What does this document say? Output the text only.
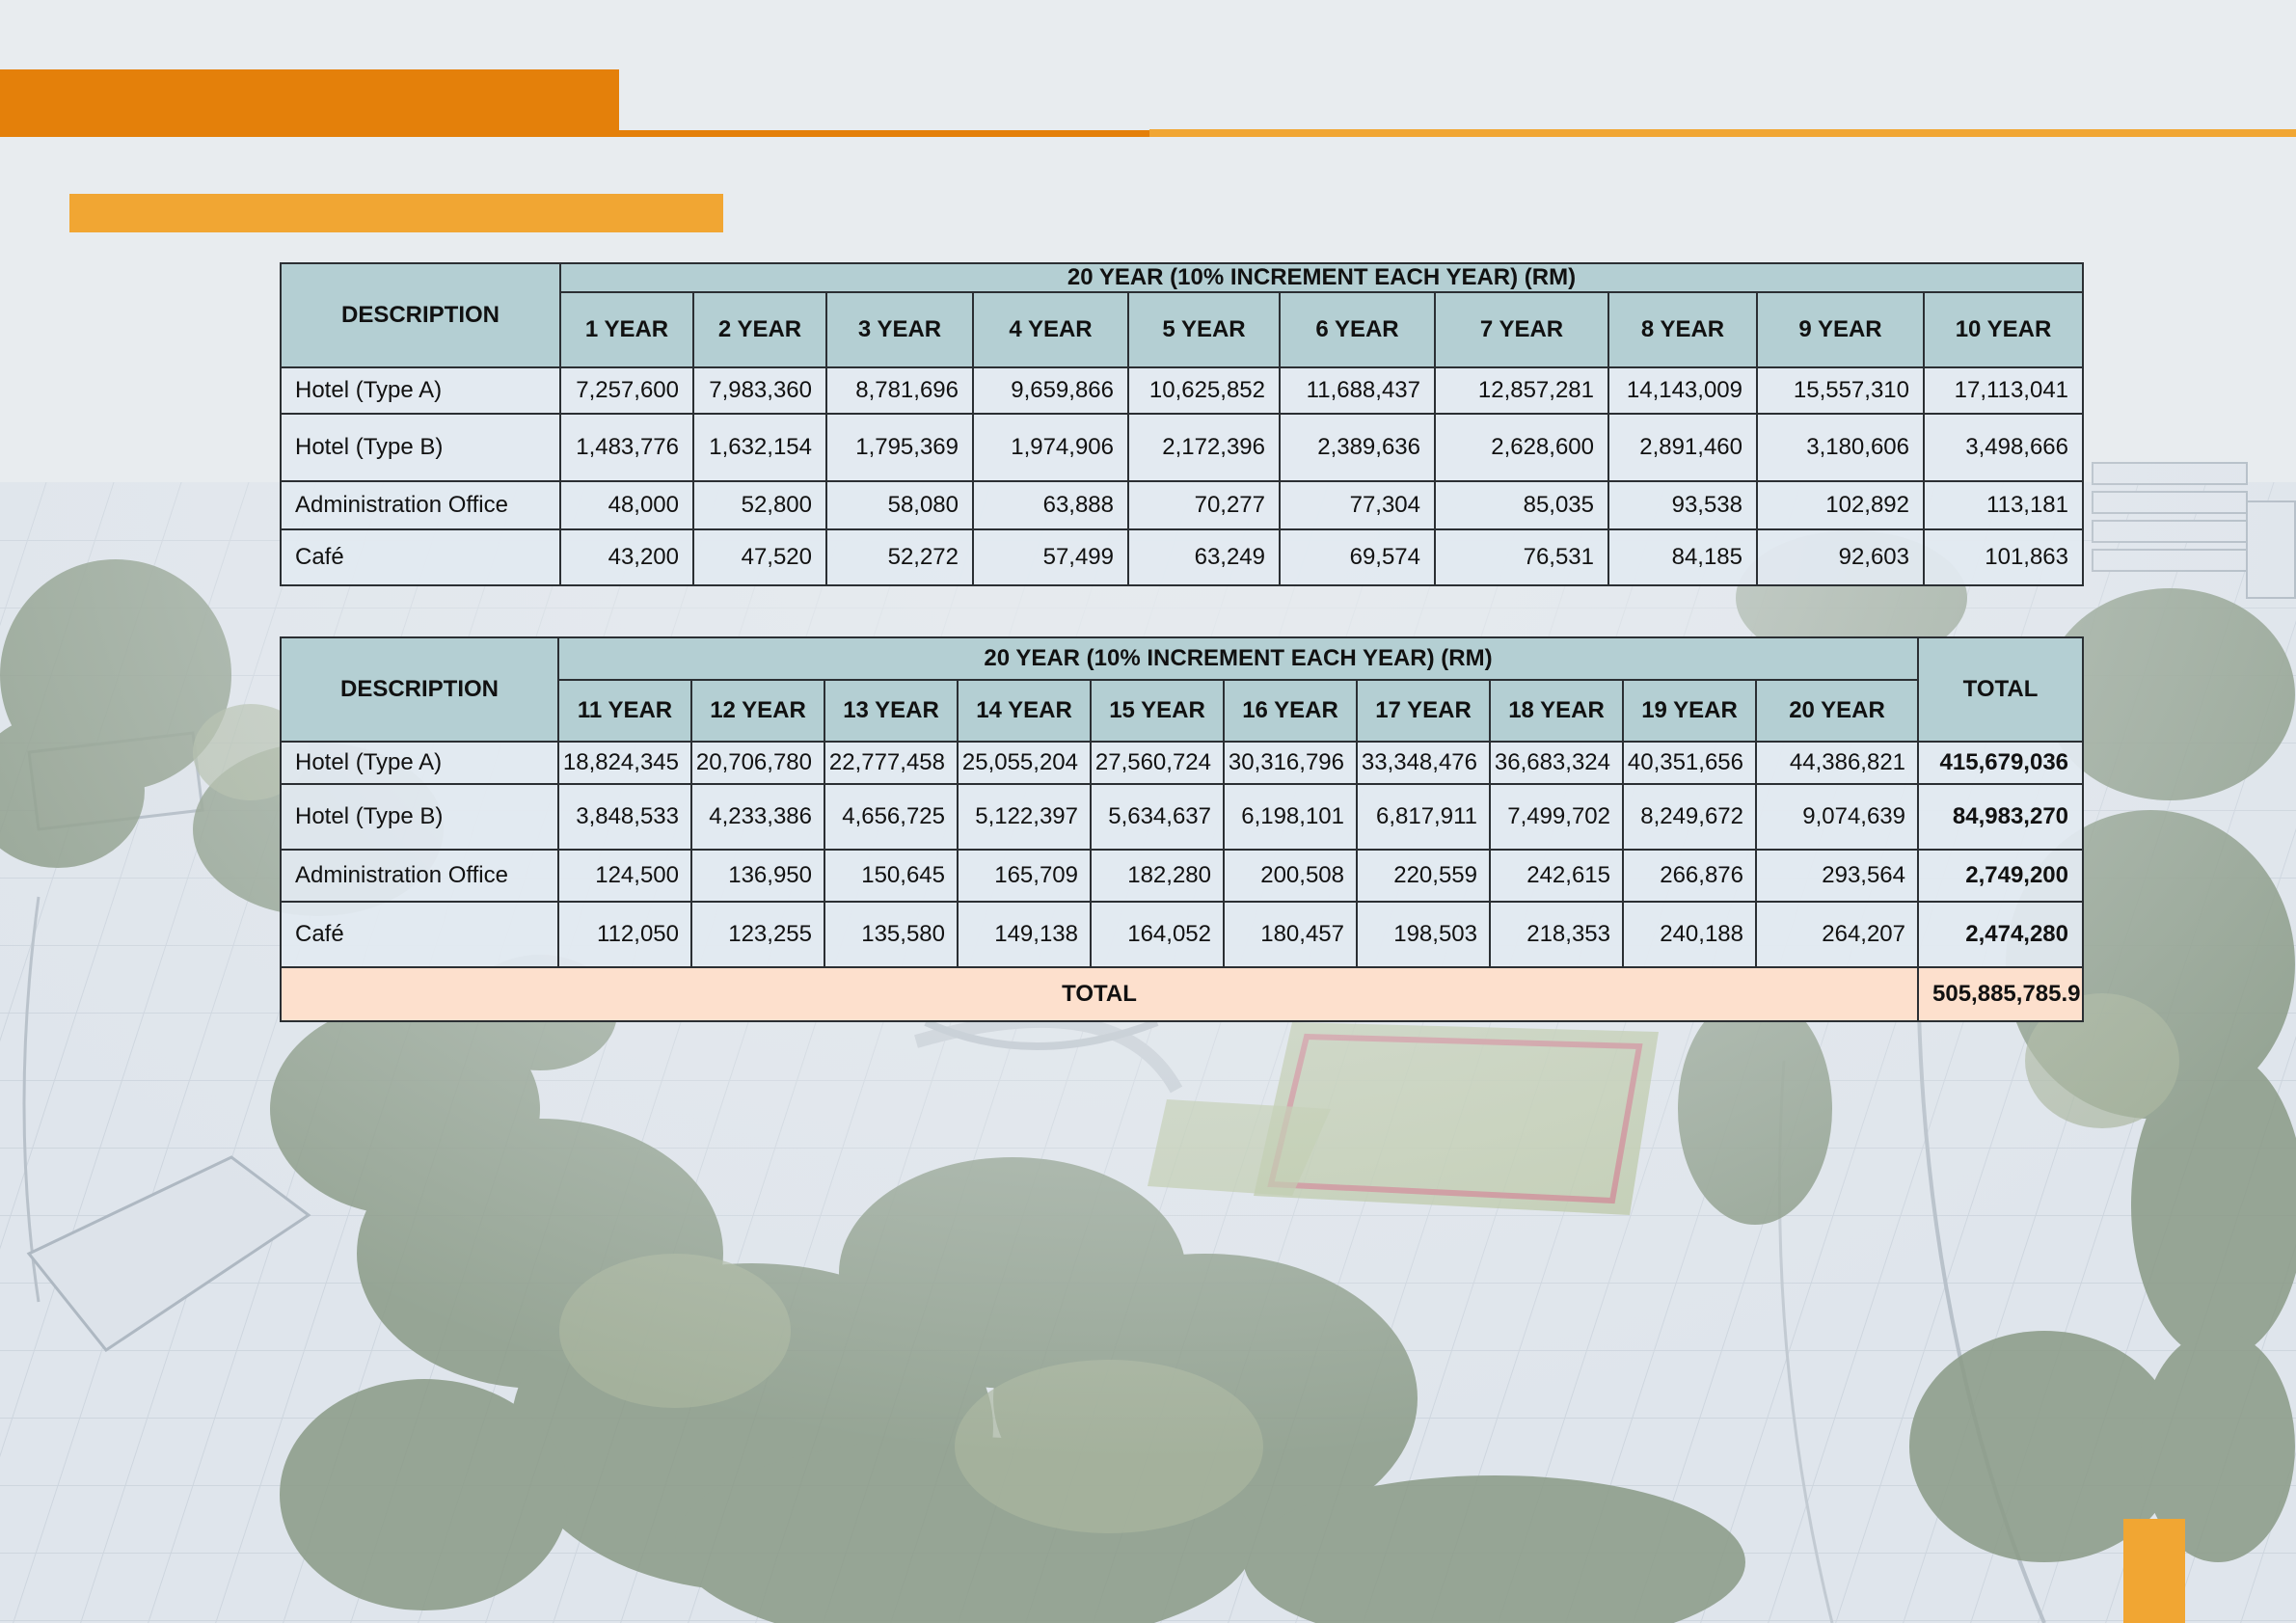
DESCRIPTION	20 YEAR (10% INCREMENT EACH YEAR) (RM)									
	1 YEAR	2 YEAR	3 YEAR	4 YEAR	5 YEAR	6 YEAR	7 YEAR	8 YEAR	9 YEAR	10 YEAR
Hotel (Type A)	7,257,600	7,983,360	8,781,696	9,659,866	10,625,852	11,688,437	12,857,281	14,143,009	15,557,310	17,113,041
Hotel (Type B)	1,483,776	1,632,154	1,795,369	1,974,906	2,172,396	2,389,636	2,628,600	2,891,460	3,180,606	3,498,666
Administration Office	48,000	52,800	58,080	63,888	70,277	77,304	85,035	93,538	102,892	113,181
Café	43,200	47,520	52,272	57,499	63,249	69,574	76,531	84,185	92,603	101,863
DESCRIPTION	20 YEAR (10% INCREMENT EACH YEAR) (RM)										TOTAL
	11 YEAR	12 YEAR	13 YEAR	14 YEAR	15 YEAR	16 YEAR	17 YEAR	18 YEAR	19 YEAR	20 YEAR	
Hotel (Type A)	18,824,345	20,706,780	22,777,458	25,055,204	27,560,724	30,316,796	33,348,476	36,683,324	40,351,656	44,386,821	415,679,036
Hotel (Type B)	3,848,533	4,233,386	4,656,725	5,122,397	5,634,637	6,198,101	6,817,911	7,499,702	8,249,672	9,074,639	84,983,270
Administration Office	124,500	136,950	150,645	165,709	182,280	200,508	220,559	242,615	266,876	293,564	2,749,200
Café	112,050	123,255	135,580	149,138	164,052	180,457	198,503	218,353	240,188	264,207	2,474,280
TOTAL											505,885,785.9
